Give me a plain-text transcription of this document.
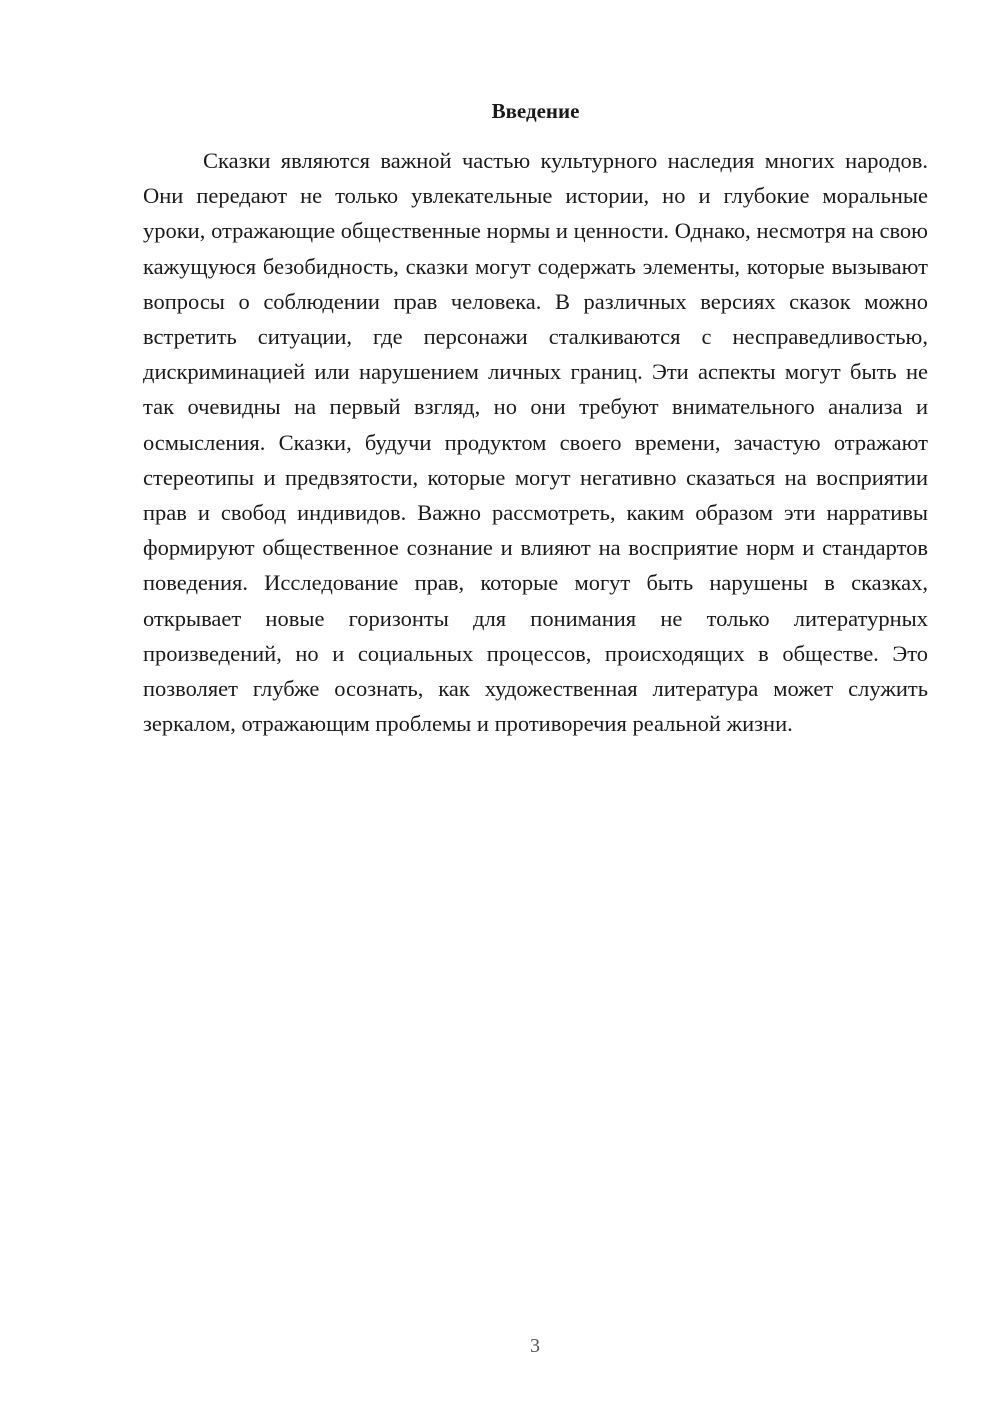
Введение

Сказки являются важной частью культурного наследия многих народов. Они передают не только увлекательные истории, но и глубокие моральные уроки, отражающие общественные нормы и ценности. Однако, несмотря на свою кажущуюся безобидность, сказки могут содержать элементы, которые вызывают вопросы о соблюдении прав человека. В различных версиях сказок можно встретить ситуации, где персонажи сталкиваются с несправедливостью, дискриминацией или нарушением личных границ. Эти аспекты могут быть не так очевидны на первый взгляд, но они требуют внимательного анализа и осмысления. Сказки, будучи продуктом своего времени, зачастую отражают стереотипы и предвзятости, которые могут негативно сказаться на восприятии прав и свобод индивидов. Важно рассмотреть, каким образом эти нарративы формируют общественное сознание и влияют на восприятие норм и стандартов поведения. Исследование прав, которые могут быть нарушены в сказках, открывает новые горизонты для понимания не только литературных произведений, но и социальных процессов, происходящих в обществе. Это позволяет глубже осознать, как художественная литература может служить зеркалом, отражающим проблемы и противоречия реальной жизни.

3
